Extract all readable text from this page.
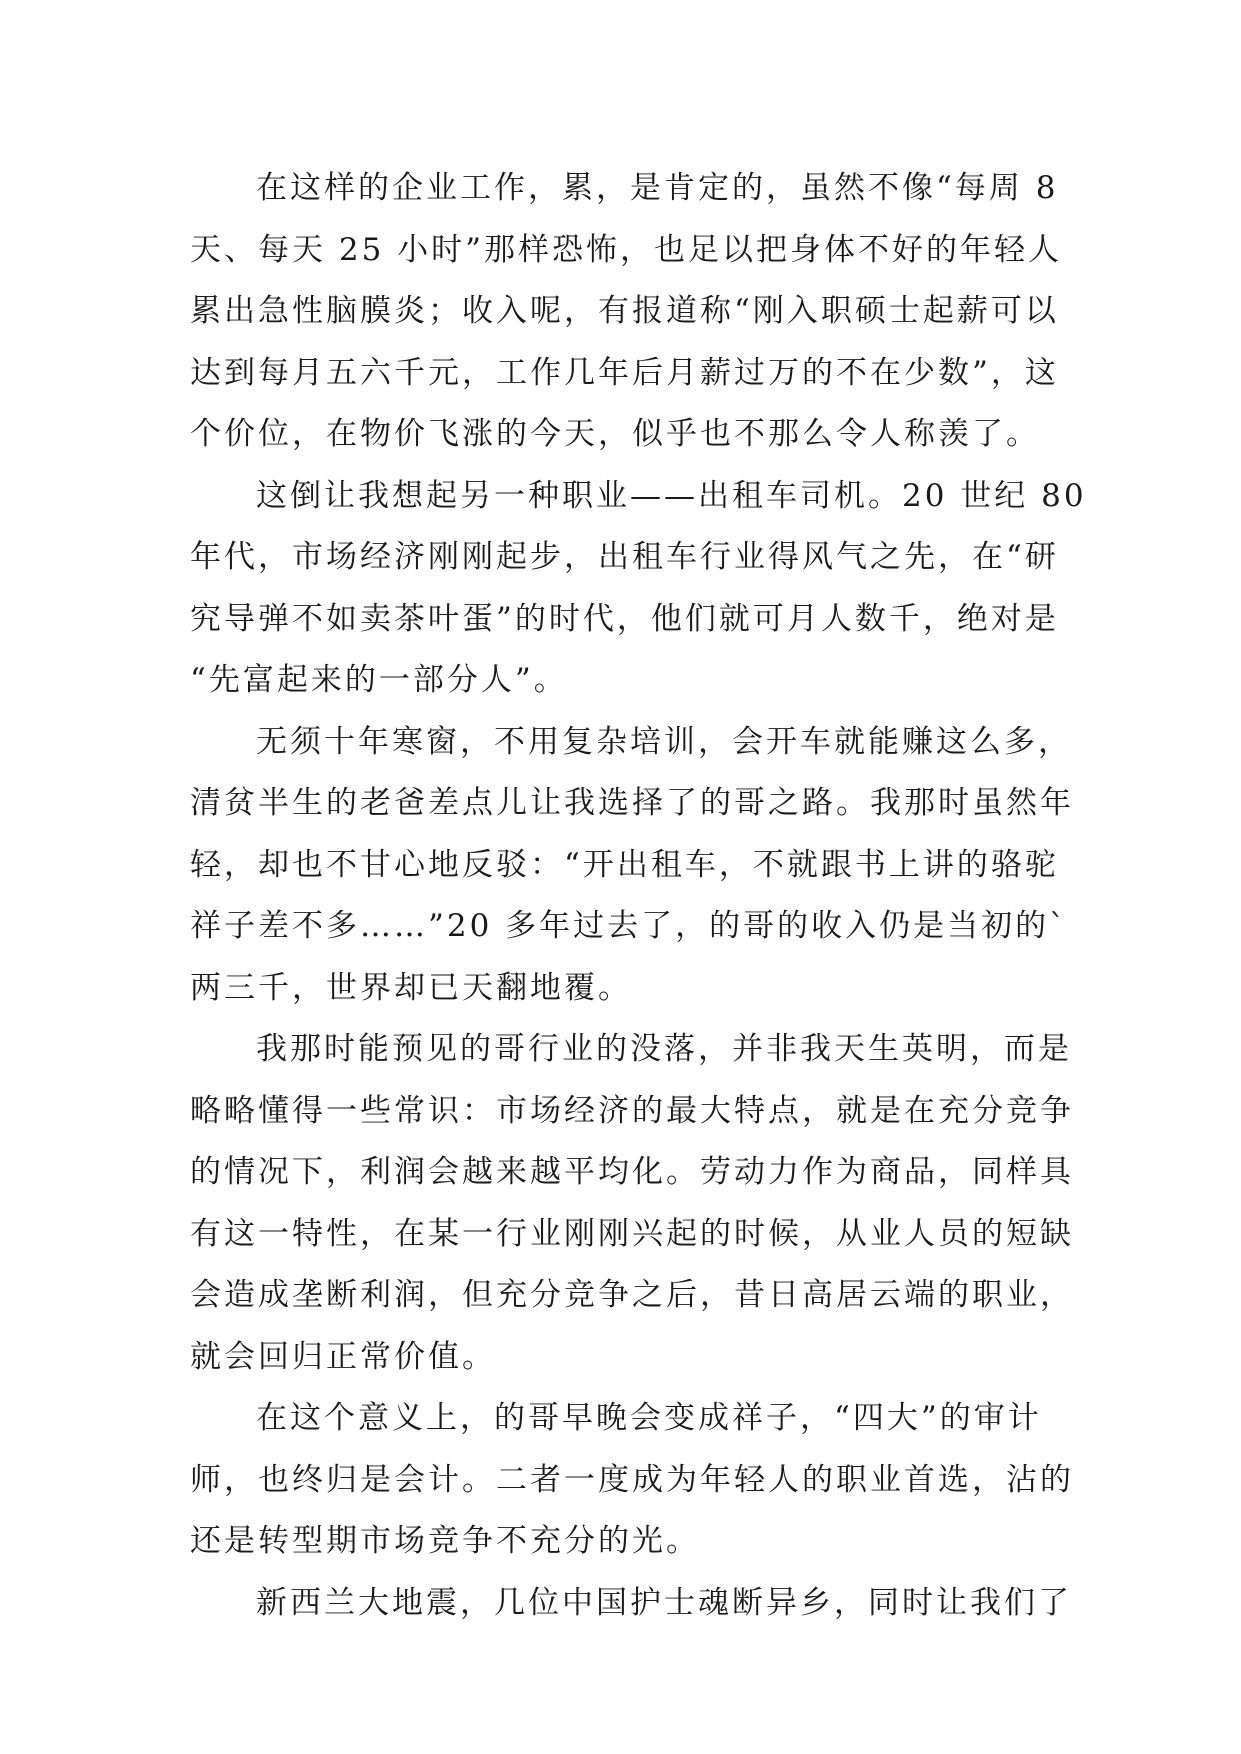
在这样的企业工作，累，是肯定的，虽然不像“每周 8
天、每天 25 小时”那样恐怖，也足以把身体不好的年轻人
累出急性脑膜炎；收入呢，有报道称“刚入职硕士起薪可以
达到每月五六千元，工作几年后月薪过万的不在少数”，这
个价位，在物价飞涨的今天，似乎也不那么令人称羡了。
这倒让我想起另一种职业——出租车司机。20 世纪 80
年代，市场经济刚刚起步，出租车行业得风气之先，在“研
究导弹不如卖茶叶蛋”的时代，他们就可月人数千，绝对是
“先富起来的一部分人”。
无须十年寒窗，不用复杂培训，会开车就能赚这么多，
清贫半生的老爸差点儿让我选择了的哥之路。我那时虽然年
轻，却也不甘心地反驳：“开出租车，不就跟书上讲的骆驼
祥子差不多……”20 多年过去了，的哥的收入仍是当初的`
两三千，世界却已天翻地覆。
我那时能预见的哥行业的没落，并非我天生英明，而是
略略懂得一些常识：市场经济的最大特点，就是在充分竞争
的情况下，利润会越来越平均化。劳动力作为商品，同样具
有这一特性，在某一行业刚刚兴起的时候，从业人员的短缺
会造成垄断利润，但充分竞争之后，昔日高居云端的职业，
就会回归正常价值。
在这个意义上，的哥早晚会变成祥子，“四大”的审计
师，也终归是会计。二者一度成为年轻人的职业首选，沾的
还是转型期市场竞争不充分的光。
新西兰大地震，几位中国护士魂断异乡，同时让我们了
